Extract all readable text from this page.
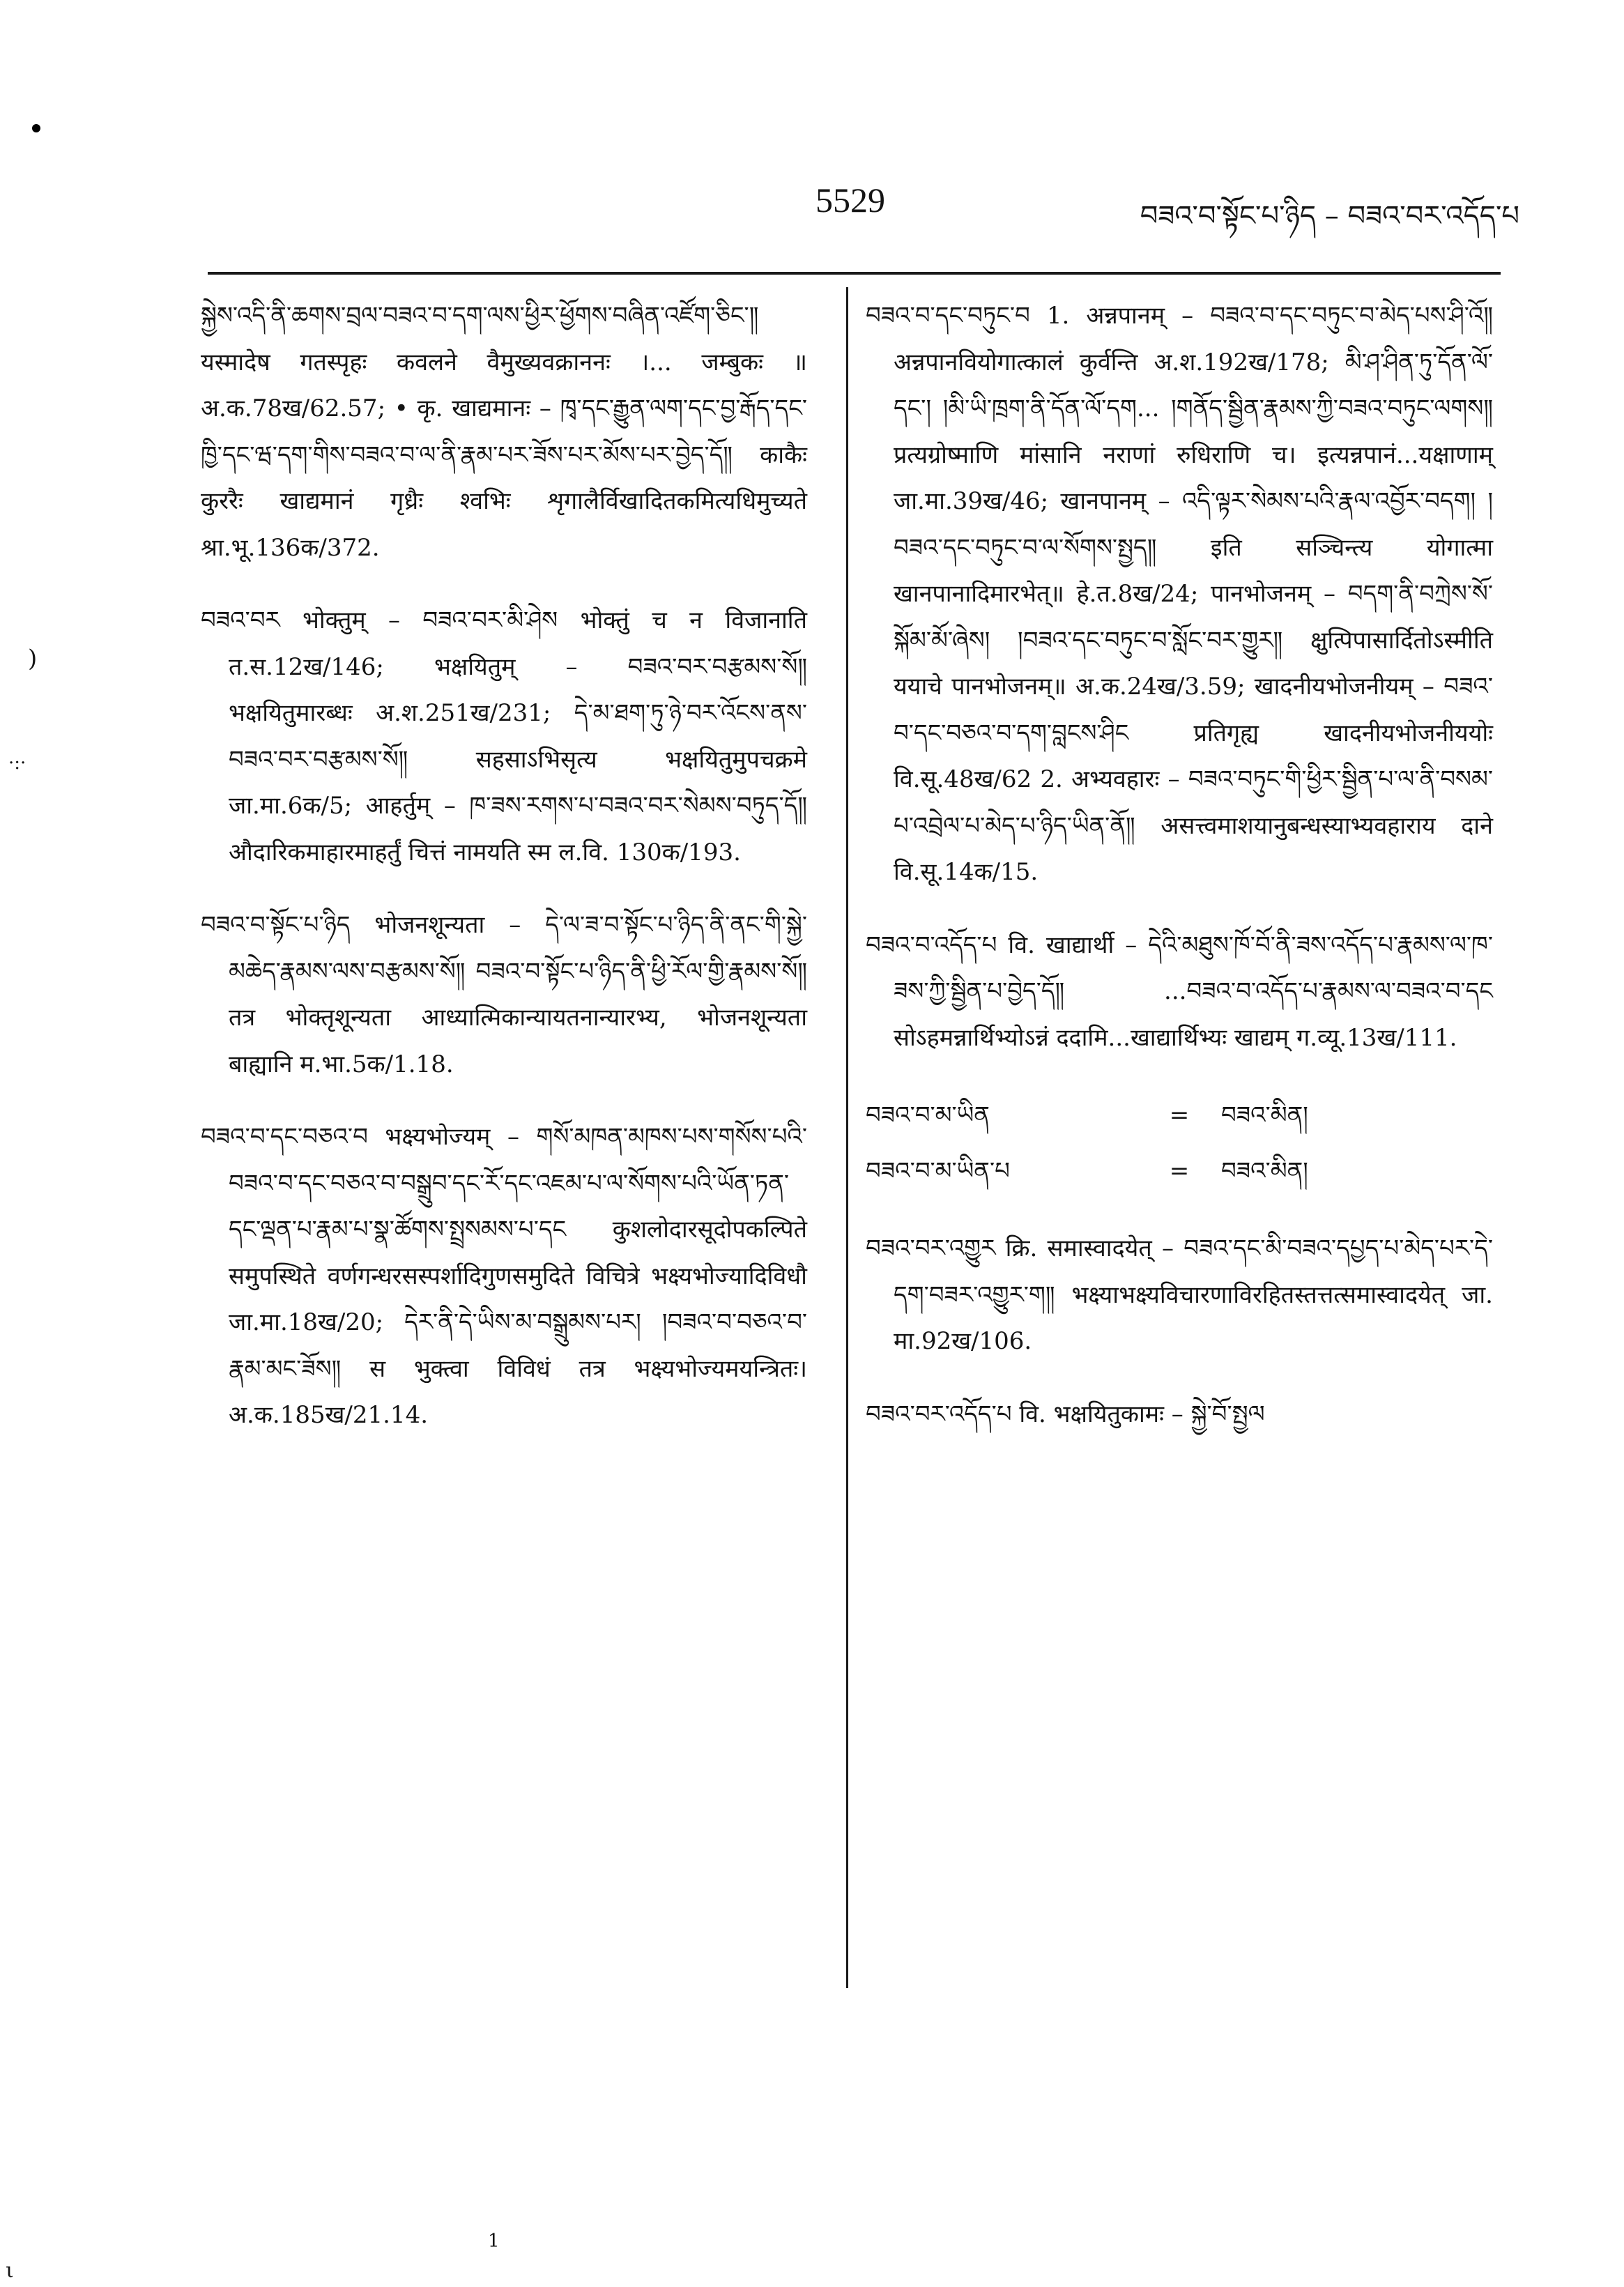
)
·:·
ι
5529	བཟའ་བ་སྟོང་པ་ཉིད – བཟའ་བར་འདོད་པ

སྐྱེས་འདི་ནི་ཆགས་བྲལ་བཟའ་བ་དག་ལས་ཕྱིར་ཕྱོགས་བཞིན་འཛོག་ཅིང་༎ यस्मादेष गतस्पृहः कवलने वैमुख्यवक्राननः ।... जम्बुकः ॥ अ.क.78ख/62.57; • कृ. खाद्यमानः – ཁྭ་དང་རྒྱུན་ལག་དང་བྱ་རྒོད་དང་ཁྱི་དང་ཝ་དག་གིས་བཟའ་བ་ལ་ནི་རྣམ་པར་ཟོས་པར་མོས་པར་བྱེད་དོ༎ काकैः कुररैः खाद्यमानं गृध्रैः श्वभिः शृगालैर्विखादितकमित्यधिमुच्यते श्रा.भू.136क/372.

བཟའ་བར भोक्तुम् – བཟའ་བར་མི་ཤེས भोक्तुं च न विजानाति त.स.12ख/146; भक्षयितुम् – བཟའ་བར་བརྩམས་སོ༎ भक्षयितुमारब्धः अ.श.251ख/231; དེ་མ་ཐག་ཏུ་ཉེ་བར་འོངས་ནས་བཟའ་བར་བརྩམས་སོ༎ सहसाऽभिसृत्य भक्षयितुमुपचक्रमे जा.मा.6क/5; आहर्तुम् – ཁ་ཟས་རགས་པ་བཟའ་བར་སེམས་བཏུད་དོ༎ औदारिकमाहारमाहर्तुं चित्तं नामयति स्म ल.वि. 130क/193.

བཟའ་བ་སྟོང་པ་ཉིད भोजनशून्यता – དེ་ལ་ཟ་བ་སྟོང་པ་ཉིད་ནི་ནང་གི་སྐྱེ་མཆེད་རྣམས་ལས་བརྩམས་སོ༎ བཟའ་བ་སྟོང་པ་ཉིད་ནི་ཕྱི་རོལ་གྱི་རྣམས་སོ༎ तत्र भोक्तृशून्यता आध्यात्मिकान्यायतनान्यारभ्य, भोजनशून्यता बाह्यानि म.भा.5क/1.18.

བཟའ་བ་དང་བཅའ་བ भक्ष्यभोज्यम् – གསོ་མཁན་མཁས་པས་གསོས་པའི་བཟའ་བ་དང་བཅའ་བ་བསྒྲུབ་དང་རོ་དང་འཇམ་པ་ལ་སོགས་པའི་ཡོན་ཏན་དང་ལྡན་པ་རྣམ་པ་སྣ་ཚོགས་སྤྲསམས་པ་དང कुशलोदारसूदोपकल्पिते समुपस्थिते वर्णगन्धरसस्पर्शादिगुणसमुदिते विचित्रे भक्ष्यभोज्यादिविधौ जा.मा.18ख/20; དེར་ནི་དེ་ཡིས་མ་བསྒྲུམས་པར། །བཟའ་བ་བཅའ་བ་རྣམ་མང་ཟོས༎ स भुक्त्वा विविधं तत्र भक्ष्यभोज्यमयन्त्रितः। अ.क.185ख/21.14.

བཟའ་བ་དང་བཏུང་བ 1. अन्नपानम् – བཟའ་བ་དང་བཏུང་བ་མེད་པས་ཤི་འོ༎ अन्नपानवियोगात्कालं कुर्वन्ति अ.श.192ख/178; མི་ཤ་ཤིན་ཏུ་དོན་ལོ་དང་། །མི་ཡི་ཁྲག་ནི་དོན་ལོ་དག... །གནོད་སྦྱིན་རྣམས་ཀྱི་བཟའ་བཏུང་ལགས༎ प्रत्यग्रोष्माणि मांसानि नराणां रुधिराणि च। इत्यन्नपानं...यक्षाणाम् जा.मा.39ख/46; खानपानम् – འདི་ལྟར་སེམས་པའི་རྣལ་འབྱོར་བདག། །བཟའ་དང་བཏུང་བ་ལ་སོགས་སྤྱད༎ इति सञ्चिन्त्य योगात्मा खानपानादिमारभेत्॥ हे.त.8ख/24; पानभोजनम् – བདག་ནི་བཀྲེས་སོ་སྐོམ་མོ་ཞེས། །བཟའ་དང་བཏུང་བ་སློང་བར་གྱུར༎ क्षुत्पिपासार्दितोऽस्मीति ययाचे पानभोजनम्॥ अ.क.24ख/3.59; खादनीयभोजनीयम् – བཟའ་བ་དང་བཅའ་བ་དག་བླངས་ཤིང प्रतिगृह्य खादनीयभोजनीययोः वि.सू.48ख/62 2. अभ्यवहारः – བཟའ་བཏུང་གི་ཕྱིར་སྦྱིན་པ་ལ་ནི་བསམ་པ་འབྲེལ་པ་མེད་པ་ཉིད་ཡིན་ནོ༎ असत्त्वमाशयानुबन्धस्याभ्यवहाराय दाने वि.सू.14क/15.

བཟའ་བ་འདོད་པ वि. खाद्यार्थी – དེའི་མཐུས་ཁོ་བོ་ནི་ཟས་འདོད་པ་རྣམས་ལ་ཁ་ཟས་ཀྱི་སྦྱིན་པ་བྱེད་དོ༎ ...བཟའ་བ་འདོད་པ་རྣམས་ལ་བཟའ་བ་དང सोऽहमन्नार्थिभ्योऽन्नं ददामि...खाद्यार्थिभ्यः खाद्यम् ग.व्यू.13ख/111.

བཟའ་བ་མ་ཡིན	=	བཟའ་མིན།
བཟའ་བ་མ་ཡིན་པ	=	བཟའ་མིན།

བཟའ་བར་འགྱུར क्रि. समास्वादयेत् – བཟའ་དང་མི་བཟའ་དཔྱད་པ་མེད་པར་དེ་དག་བཟར་འགྱུར་ག༎ भक्ष्याभक्ष्यविचारणाविरहितस्तत्तत्समास्वादयेत् जा. मा.92ख/106.

བཟའ་བར་འདོད་པ वि. भक्षयितुकामः – སྐྱེ་བོ་སྤྱལ

1
